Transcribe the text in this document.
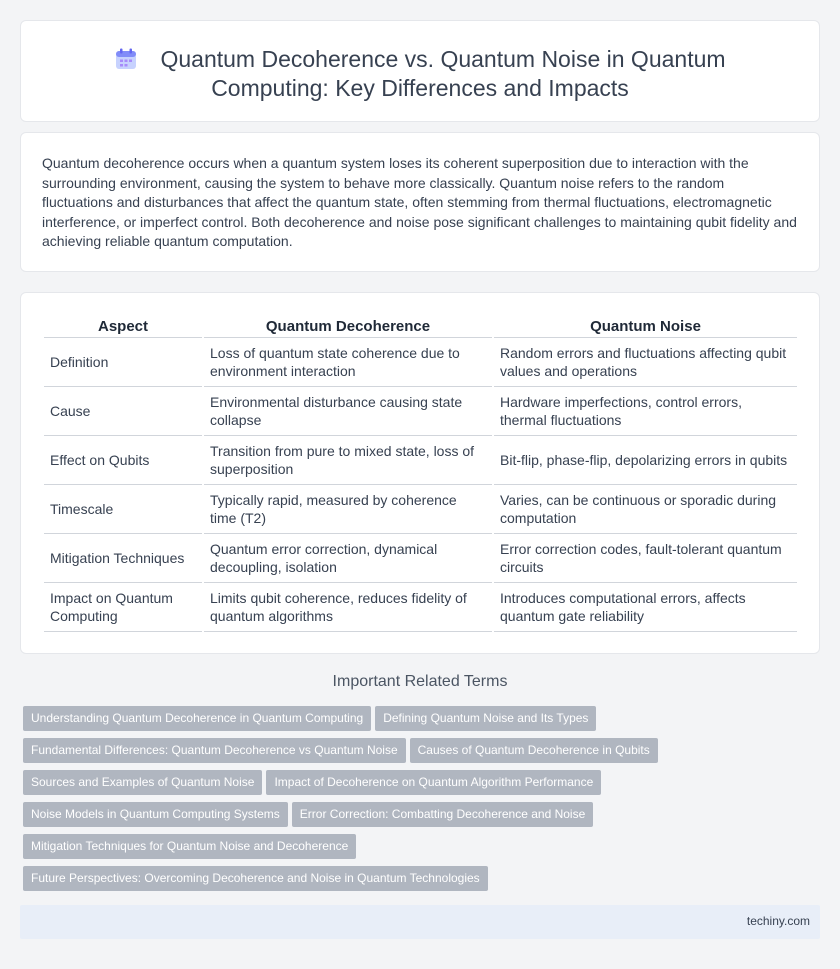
Quantum Decoherence vs. Quantum Noise in Quantum
Computing: Key Differences and Impacts

Quantum decoherence occurs when a quantum system loses its coherent superposition due to interaction with the surrounding environment, causing the system to behave more classically. Quantum noise refers to the random fluctuations and disturbances that affect the quantum state, often stemming from thermal fluctuations, electromagnetic interference, or imperfect control. Both decoherence and noise pose significant challenges to maintaining qubit fidelity and achieving reliable quantum computation.

Aspect	Quantum Decoherence	Quantum Noise
Definition	Loss of quantum state coherence due to environment interaction	Random errors and fluctuations affecting qubit values and operations
Cause	Environmental disturbance causing state collapse	Hardware imperfections, control errors, thermal fluctuations
Effect on Qubits	Transition from pure to mixed state, loss of superposition	Bit-flip, phase-flip, depolarizing errors in qubits
Timescale	Typically rapid, measured by coherence time (T2)	Varies, can be continuous or sporadic during computation
Mitigation Techniques	Quantum error correction, dynamical decoupling, isolation	Error correction codes, fault-tolerant quantum circuits
Impact on Quantum Computing	Limits qubit coherence, reduces fidelity of quantum algorithms	Introduces computational errors, affects quantum gate reliability
Important Related Terms
Understanding Quantum Decoherence in Quantum Computing Defining Quantum Noise and Its Types
Fundamental Differences: Quantum Decoherence vs Quantum Noise Causes of Quantum Decoherence in Qubits
Sources and Examples of Quantum Noise Impact of Decoherence on Quantum Algorithm Performance
Noise Models in Quantum Computing Systems Error Correction: Combatting Decoherence and Noise
Mitigation Techniques for Quantum Noise and Decoherence
Future Perspectives: Overcoming Decoherence and Noise in Quantum Technologies
techiny.com
